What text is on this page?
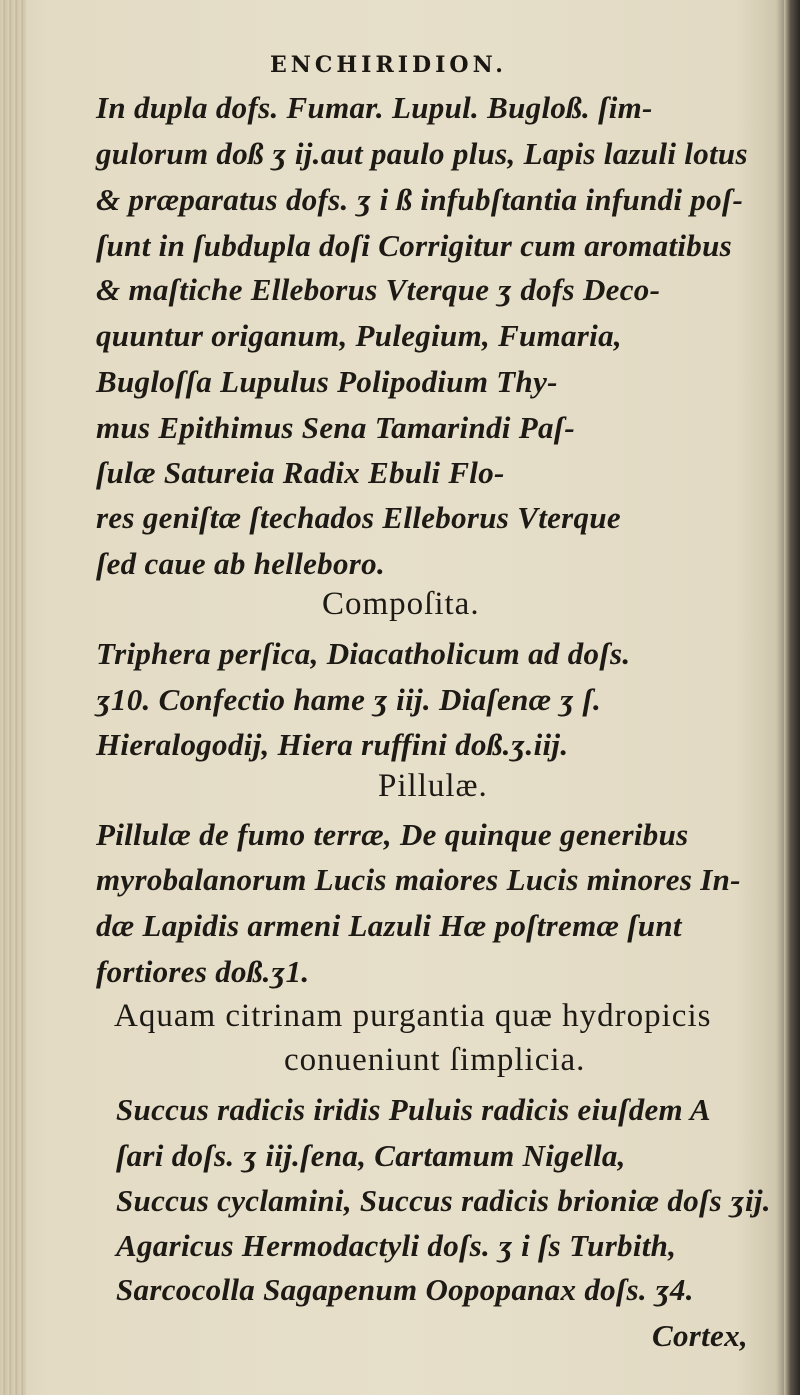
ENCHIRIDION.
In dupla dofs. Fumar. Lupul. Bugloß. ſim-
gulorum doß ʒ ij.aut paulo plus, Lapis lazuli lotus
& præparatus dofs. ʒ i ß infubſtantia infundi poſ-
ſunt in ſubdupla doſi Corrigitur cum aromatibus
& maſtiche Elleborus Vterque ʒ dofs Deco-
quuntur origanum, Pulegium, Fumaria,
Bugloſſa Lupulus Polipodium Thy-
mus Epithimus Sena Tamarindi Paſ-
ſulæ Satureia Radix Ebuli Flo-
res geniſtæ ſtechados Elleborus Vterque
ſed caue ab helleboro.
Compoſita.
Triphera perſica, Diacatholicum ad doſs.
ʒ10. Confectio hame ʒ iij. Diaſenæ ʒ ſ.
Hieralogodij, Hiera ruffini doß.ʒ.iij.
Pillulæ.
Pillulæ de fumo terræ, De quinque generibus
myrobalanorum Lucis maiores Lucis minores In-
dæ Lapidis armeni Lazuli Hæ poſtremæ ſunt
fortiores doß.ʒ1.
Aquam citrinam purgantia quæ hydropicis
conueniunt ſimplicia.
Succus radicis iridis Puluis radicis eiuſdem A
ſari doſs. ʒ iij.ſena, Cartamum Nigella,
Succus cyclamini, Succus radicis brioniæ doſs ʒij.
Agaricus Hermodactyli doſs. ʒ i ſs Turbith,
Sarcocolla Sagapenum Oopopanax doſs. ʒ4.
Cortex,
